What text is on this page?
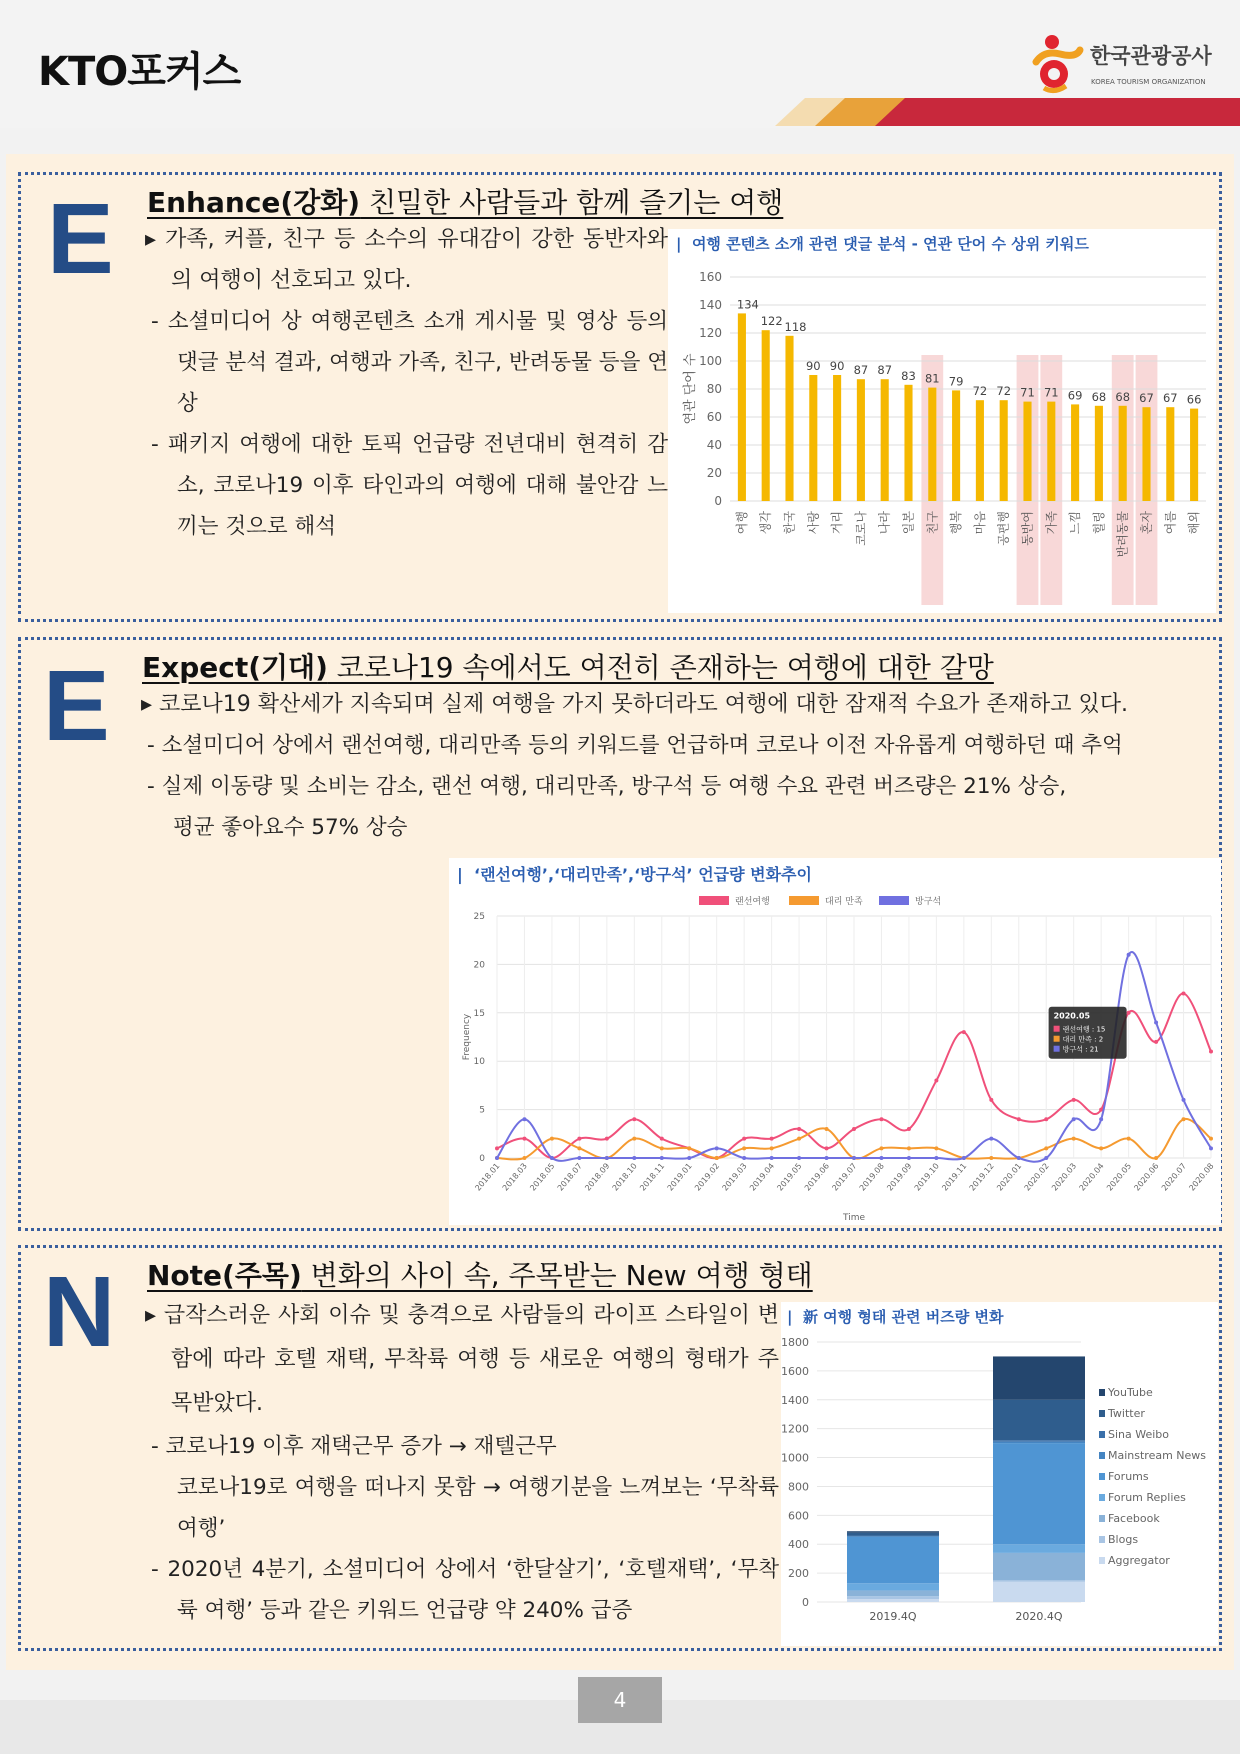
KTO포커스	한국관광공사
KOREA TOURISM ORGANIZATION
E Enhance(강화) 친밀한 사람들과 함께 즐기는 여행

▸ 가족, 커플, 친구 등 소수의 유대감이 강한 동반자와의 여행이 선호되고 있다.

- 소셜미디어 상 여행콘텐츠 소개 게시물 및 영상 등의 댓글 분석 결과, 여행과 가족, 친구, 반려동물 등을 연상

- 패키지 여행에 대한 토픽 언급량 전년대비 현격히 감소, 코로나19 이후 타인과의 여행에 대해 불안감 느끼는 것으로 해석

|  여행 콘텐츠 소개 관련 댓글 분석 - 연관 단어 수 상위 키워드
0
20
40
60
80
100
120
140
160
연관 단어 수
134
여행
122
생각
118
한국
90
사랑
90
거리
87
코로나
87
나라
83
일본
81
친구
79
행복
72
마음
72
공편행
71
동반여
71
가족
69
느낌
68
힐링
68
반려동물
67
혼자
67
여름
66
해외
E Expect(기대) 코로나19 속에서도 여전히 존재하는 여행에 대한 갈망

▸ 코로나19 확산세가 지속되며 실제 여행을 가지 못하더라도 여행에 대한 잠재적 수요가 존재하고 있다.

- 소셜미디어 상에서 랜선여행, 대리만족 등의 키워드를 언급하며 코로나 이전 자유롭게 여행하던 때 추억

- 실제 이동량 및 소비는 감소, 랜선 여행, 대리만족, 방구석 등 여행 수요 관련 버즈량은 21% 상승,

평균 좋아요수 57% 상승
|  ‘랜선여행’,‘대리만족’,‘방구석’ 언급량 변화추이
0
5
10
15
20
25
2018.01 2018.03 2018.05 2018.07 2018.09 2018.10 2018.11 2019.01 2019.02 2019.03 2019.04 2019.05 2019.06 2019.07 2019.08 2019.09 2019.10 2019.11 2019.12 2020.01 2020.02 2020.03 2020.04 2020.05 2020.06 2020.07 2020.08
Time
Frequency
랜선여행	대리 만족	방구석
2020.05
랜선여행 : 15
대리 만족 : 2
방구석 : 21
N Note(주목) 변화의 사이 속, 주목받는 New 여행 형태

▸ 급작스러운 사회 이슈 및 충격으로 사람들의 라이프 스타일이 변함에 따라 호텔 재택, 무착륙 여행 등 새로운 여행의 형태가 주목받았다.

- 코로나19 이후 재택근무 증가 → 재텔근무
코로나19로 여행을 떠나지 못함 → 여행기분을 느껴보는 ‘무착륙 여행’

- 2020년 4분기, 소셜미디어 상에서 ‘한달살기’, ‘호텔재택’, ‘무착륙 여행’ 등과 같은 키워드 언급량 약 240% 급증

|  新 여행 형태 관련 버즈량 변화
0
200
400
600
800
1000
1200
1400
1600
1800
2019.4Q	2020.4Q
YouTube
Twitter
Sina Weibo
Mainstream News
Forums
Forum Replies
Facebook
Blogs
Aggregator
4
